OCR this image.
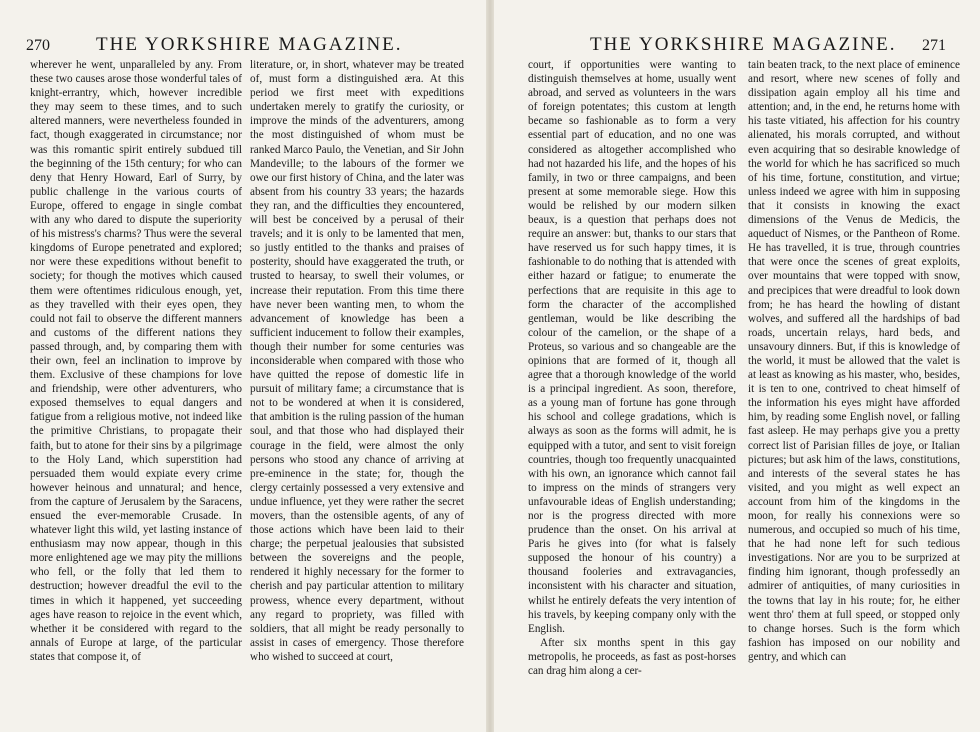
270 THE YORKSHIRE MAGAZINE.

wherever he went, unparalleled by any. From these two causes arose those wonderful tales of knight-errantry, which, however incredible they may seem to these times, and to such altered manners, were nevertheless founded in fact, though exaggerated in circumstance; nor was this romantic spirit entirely subdued till the beginning of the 15th century; for who can deny that Henry Howard, Earl of Surry, by public challenge in the various courts of Europe, offered to engage in single combat with any who dared to dispute the superiority of his mistress's charms? Thus were the several kingdoms of Europe penetrated and explored; nor were these expeditions without benefit to society; for though the motives which caused them were oftentimes ridiculous enough, yet, as they travelled with their eyes open, they could not fail to observe the different manners and customs of the different nations they passed through, and, by comparing them with their own, feel an inclination to improve by them. Exclusive of these champions for love and friendship, were other adventurers, who exposed themselves to equal dangers and fatigue from a religious motive, not indeed like the primitive Christians, to propagate their faith, but to atone for their sins by a pilgrimage to the Holy Land, which superstition had persuaded them would expiate every crime however heinous and unnatural; and hence, from the capture of Jerusalem by the Saracens, ensued the ever-memorable Crusade. In whatever light this wild, yet lasting instance of enthusiasm may now appear, though in this more enlightened age we may pity the millions who fell, or the folly that led them to destruction; however dreadful the evil to the times in which it happened, yet succeeding ages have reason to rejoice in the event which, whether it be considered with regard to the annals of Europe at large, of the particular states that compose it, of

literature, or, in short, whatever may be treated of, must form a distinguished æra. At this period we first meet with expeditions undertaken merely to gratify the curiosity, or improve the minds of the adventurers, among the most distinguished of whom must be ranked Marco Paulo, the Venetian, and Sir John Mandeville; to the labours of the former we owe our first history of China, and the later was absent from his country 33 years; the hazards they ran, and the difficulties they encountered, will best be conceived by a perusal of their travels; and it is only to be lamented that men, so justly entitled to the thanks and praises of posterity, should have exaggerated the truth, or trusted to hearsay, to swell their volumes, or increase their reputation. From this time there have never been wanting men, to whom the advancement of knowledge has been a sufficient inducement to follow their examples, though their number for some centuries was inconsiderable when compared with those who have quitted the repose of domestic life in pursuit of military fame; a circumstance that is not to be wondered at when it is considered, that ambition is the ruling passion of the human soul, and that those who had displayed their courage in the field, were almost the only persons who stood any chance of arriving at pre-eminence in the state; for, though the clergy certainly possessed a very extensive and undue influence, yet they were rather the secret movers, than the ostensible agents, of any of those actions which have been laid to their charge; the perpetual jealousies that subsisted between the sovereigns and the people, rendered it highly necessary for the former to cherish and pay particular attention to military prowess, whence every department, without any regard to propriety, was filled with soldiers, that all might be ready personally to assist in cases of emergency. Those therefore who wished to succeed at court,

THE YORKSHIRE MAGAZINE. 271

court, if opportunities were wanting to distinguish themselves at home, usually went abroad, and served as volunteers in the wars of foreign potentates; this custom at length became so fashionable as to form a very essential part of education, and no one was considered as altogether accomplished who had not hazarded his life, and the hopes of his family, in two or three campaigns, and been present at some memorable siege. How this would be relished by our modern silken beaux, is a question that perhaps does not require an answer: but, thanks to our stars that have reserved us for such happy times, it is fashionable to do nothing that is attended with either hazard or fatigue; to enumerate the perfections that are requisite in this age to form the character of the accomplished gentleman, would be like describing the colour of the camelion, or the shape of a Proteus, so various and so changeable are the opinions that are formed of it, though all agree that a thorough knowledge of the world is a principal ingredient. As soon, therefore, as a young man of fortune has gone through his school and college gradations, which is always as soon as the forms will admit, he is equipped with a tutor, and sent to visit foreign countries, though too frequently unacquainted with his own, an ignorance which cannot fail to impress on the minds of strangers very unfavourable ideas of English understanding; nor is the progress directed with more prudence than the onset. On his arrival at Paris he gives into (for what is falsely supposed the honour of his country) a thousand fooleries and extravagancies, inconsistent with his character and situation, whilst he entirely defeats the very intention of his travels, by keeping company only with the English.

After six months spent in this gay metropolis, he proceeds, as fast as post-horses can drag him along a cer-

tain beaten track, to the next place of eminence and resort, where new scenes of folly and dissipation again employ all his time and attention; and, in the end, he returns home with his taste vitiated, his affection for his country alienated, his morals corrupted, and without even acquiring that so desirable knowledge of the world for which he has sacrificed so much of his time, fortune, constitution, and virtue; unless indeed we agree with him in supposing that it consists in knowing the exact dimensions of the Venus de Medicis, the aqueduct of Nismes, or the Pantheon of Rome. He has travelled, it is true, through countries that were once the scenes of great exploits, over mountains that were topped with snow, and precipices that were dreadful to look down from; he has heard the howling of distant wolves, and suffered all the hardships of bad roads, uncertain relays, hard beds, and unsavoury dinners. But, if this is knowledge of the world, it must be allowed that the valet is at least as knowing as his master, who, besides, it is ten to one, contrived to cheat himself of the information his eyes might have afforded him, by reading some English novel, or falling fast asleep. He may perhaps give you a pretty correct list of Parisian filles de joye, or Italian pictures; but ask him of the laws, constitutions, and interests of the several states he has visited, and you might as well expect an account from him of the kingdoms in the moon, for really his connexions were so numerous, and occupied so much of his time, that he had none left for such tedious investigations. Nor are you to be surprized at finding him ignorant, though professedly an admirer of antiquities, of many curiosities in the towns that lay in his route; for, he either went thro' them at full speed, or stopped only to change horses. Such is the form which fashion has imposed on our nobility and gentry, and which can
